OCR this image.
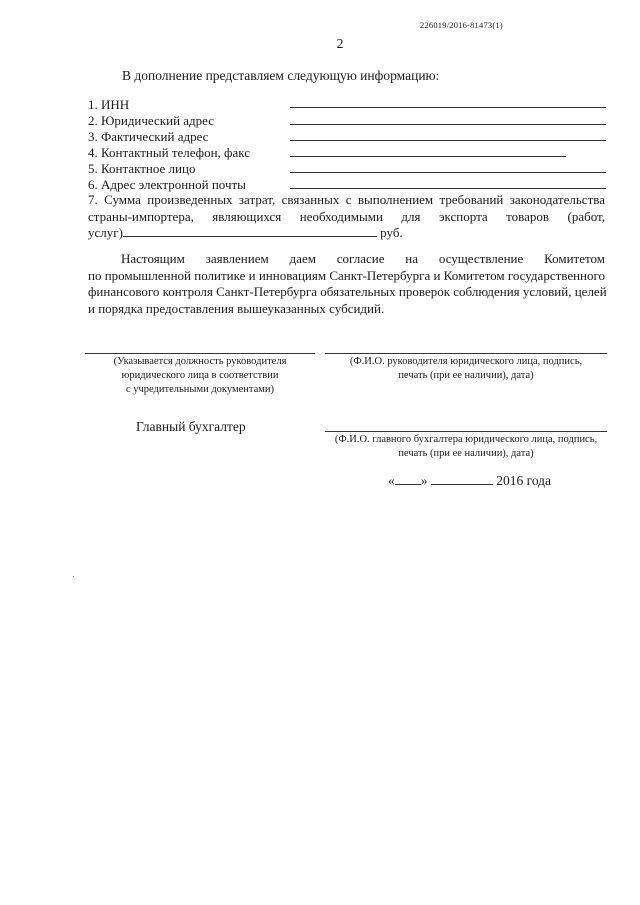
226019/2016-81473(1)
2
В дополнение представляем следующую информацию:
1. ИНН
2. Юридический адрес
3. Фактический адрес
4. Контактный телефон, факс
5. Контактное лицо
6. Адрес электронной почты
7. Сумма произведенных затрат, связанных с выполнением требований законодательства
страны-импортера, являющихся необходимыми для экспорта товаров (работ,
услуг)	руб.
Настоящим заявлением даем согласие на осуществление Комитетом
по промышленной политике и инновациям Санкт-Петербурга и Комитетом государственного
финансового контроля Санкт-Петербурга обязательных проверок соблюдения условий, целей
и порядка предоставления вышеуказанных субсидий.
(Указывается должность руководителя
юридического лица в соответствии
с учредительными документами)
(Ф.И.О. руководителя юридического лица, подпись,
печать (при ее наличии), дата)
Главный бухгалтер
(Ф.И.О. главного бухгалтера юридического лица, подпись,
печать (при ее наличии), дата)
« »	2016 года
